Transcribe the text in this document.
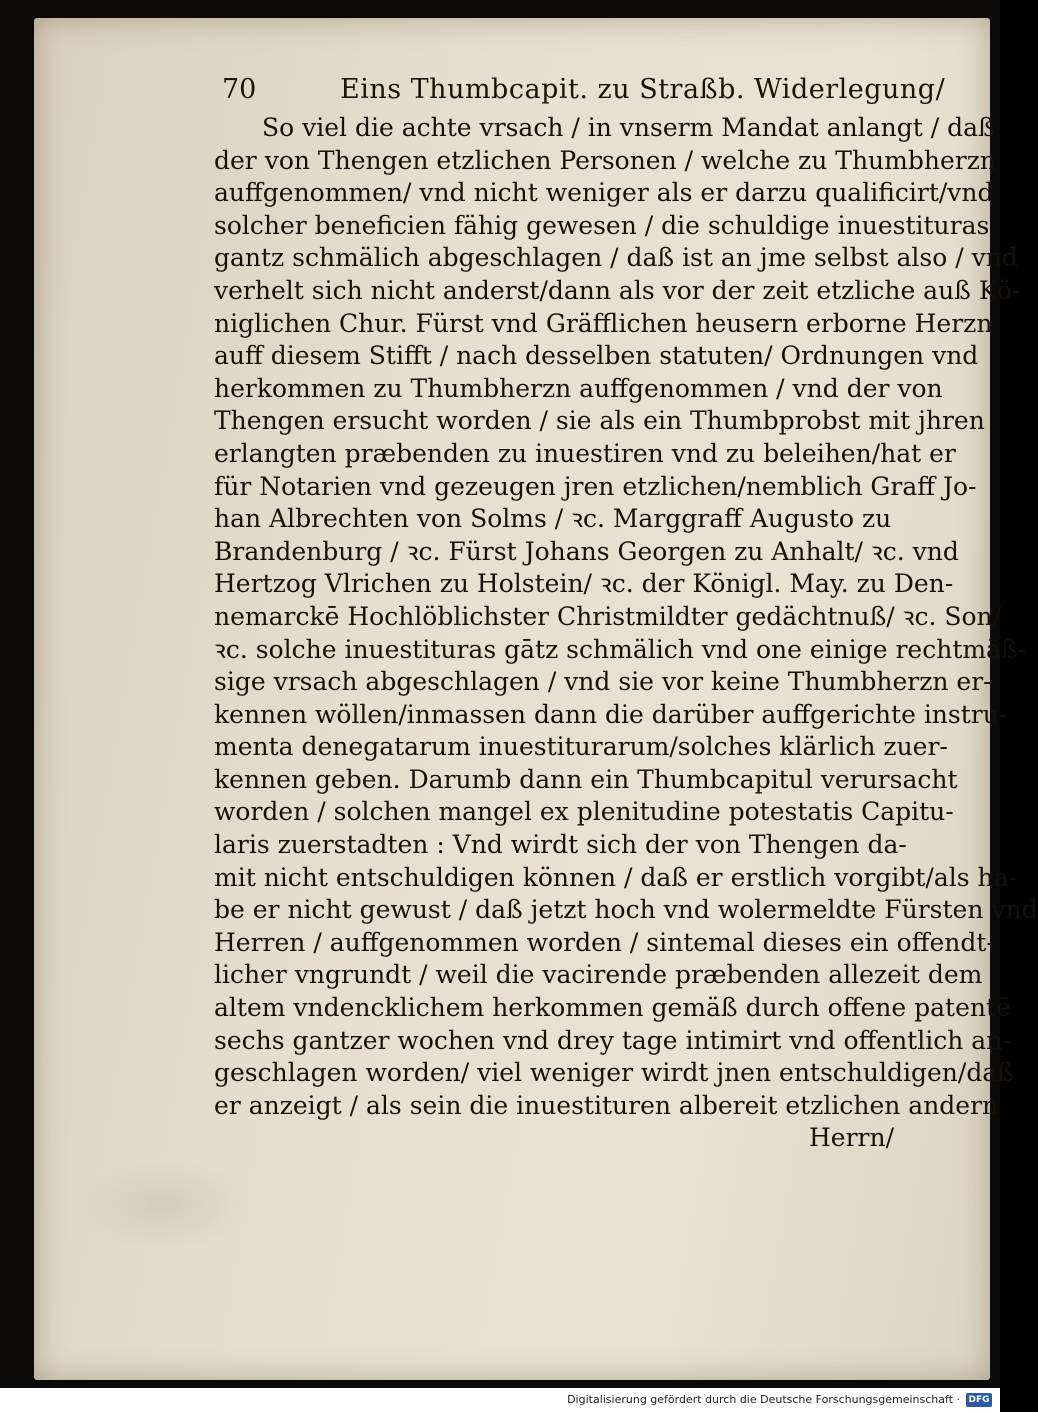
70	Eins Thumbcapit. zu Straßb. Widerlegung/
So viel die achte vrsach / in vnserm Mandat anlangt / daß
der von Thengen etzlichen Personen / welche zu Thumbherzn
auffgenommen/ vnd nicht weniger als er darzu qualificirt/vnd
solcher beneficien fähig gewesen / die schuldige inuestituras
gantz schmälich abgeschlagen / daß ist an jme selbst also / vnd
verhelt sich nicht anderst/dann als vor der zeit etzliche auß Kö-
niglichen Chur. Fürst vnd Gräfflichen heusern erborne Herzn
auff diesem Stifft / nach desselben statuten/ Ordnungen vnd
herkommen zu Thumbherzn auffgenommen / vnd der von
Thengen ersucht worden / sie als ein Thumbprobst mit jhren
erlangten præbenden zu inuestiren vnd zu beleihen/hat er
für Notarien vnd gezeugen jren etzlichen/nemblich Graff Jo-
han Albrechten von Solms / ꝛc. Marggraff Augusto zu
Brandenburg / ꝛc. Fürst Johans Georgen zu Anhalt/ ꝛc. vnd
Hertzog Vlrichen zu Holstein/ ꝛc. der Königl. May. zu Den-
nemarckē Hochlöblichster Christmildter gedächtnuß/ ꝛc. Son/
ꝛc. solche inuestituras gātz schmälich vnd one einige rechtmäß-
sige vrsach abgeschlagen / vnd sie vor keine Thumbherzn er-
kennen wöllen/inmassen dann die darüber auffgerichte instru-
menta denegatarum inuestiturarum/solches klärlich zuer-
kennen geben. Darumb dann ein Thumbcapitul verursacht
worden / solchen mangel ex plenitudine potestatis Capitu-
laris zuerstadten : Vnd wirdt sich der von Thengen da-
mit nicht entschuldigen können / daß er erstlich vorgibt/als ha-
be er nicht gewust / daß jetzt hoch vnd wolermeldte Fürsten vnd
Herren / auffgenommen worden / sintemal dieses ein offendt-
licher vngrundt / weil die vacirende præbenden allezeit dem
altem vndencklichem herkommen gemäß durch offene patentē
sechs gantzer wochen vnd drey tage intimirt vnd offentlich an-
geschlagen worden/ viel weniger wirdt jnen entschuldigen/daß
er anzeigt / als sein die inuestituren albereit etzlichen andern
Herrn/
Digitalisierung gefördert durch die Deutsche Forschungsgemeinschaft · DFG
